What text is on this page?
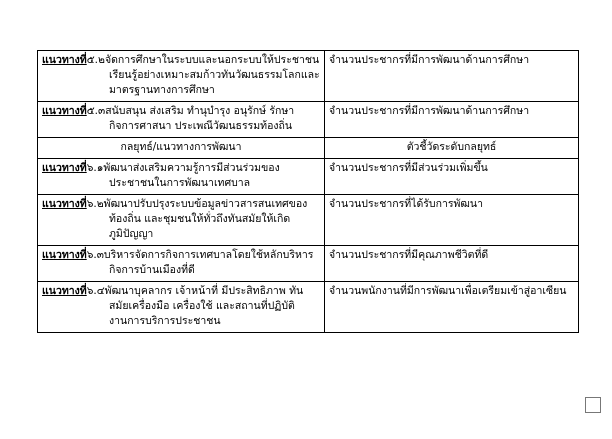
แนวทางที่๕.๒จัดการศึกษาในระบบและนอกระบบให้ประชาชนเรียนรู้อย่างเหมาะสมก้าวทันวัฒนธรรมโลกและมาตรฐานทางการศึกษา	จำนวนประชากรที่มีการพัฒนาด้านการศึกษา

แนวทางที่๕.๓สนับสนุน ส่งเสริม ทำนุบำรุง อนุรักษ์ รักษากิจการศาสนา ประเพณีวัฒนธรรมท้องถิ่น	จำนวนประชากรที่มีการพัฒนาด้านการศึกษา
กลยุทธ์/แนวทางการพัฒนา	ตัวชี้วัดระดับกลยุทธ์

แนวทางที่๖.๑พัฒนาส่งเสริมความรู้การมีส่วนร่วมของประชาชนในการพัฒนาเทศบาล	จำนวนประชากรที่มีส่วนร่วมเพิ่มขึ้น

แนวทางที่๖.๒พัฒนาปรับปรุงระบบข้อมูลข่าวสารสนเทศของท้องถิ่น และชุมชนให้ทั่วถึงทันสมัยให้เกิดภูมิปัญญา	จำนวนประชากรที่ได้รับการพัฒนา

แนวทางที่๖.๓บริหารจัดการกิจการเทศบาลโดยใช้หลักบริหารกิจการบ้านเมืองที่ดี	จำนวนประชากรที่มีคุณภาพชีวิตที่ดี

แนวทางที่๖.๔พัฒนาบุคลากร เจ้าหน้าที่ มีประสิทธิภาพ ทันสมัยเครื่องมือ เครื่องใช้ และสถานที่ปฏิบัติงานการบริการประชาชน	จำนวนพนักงานที่มีการพัฒนาเพื่อเตรียมเข้าสู่อาเซียน
